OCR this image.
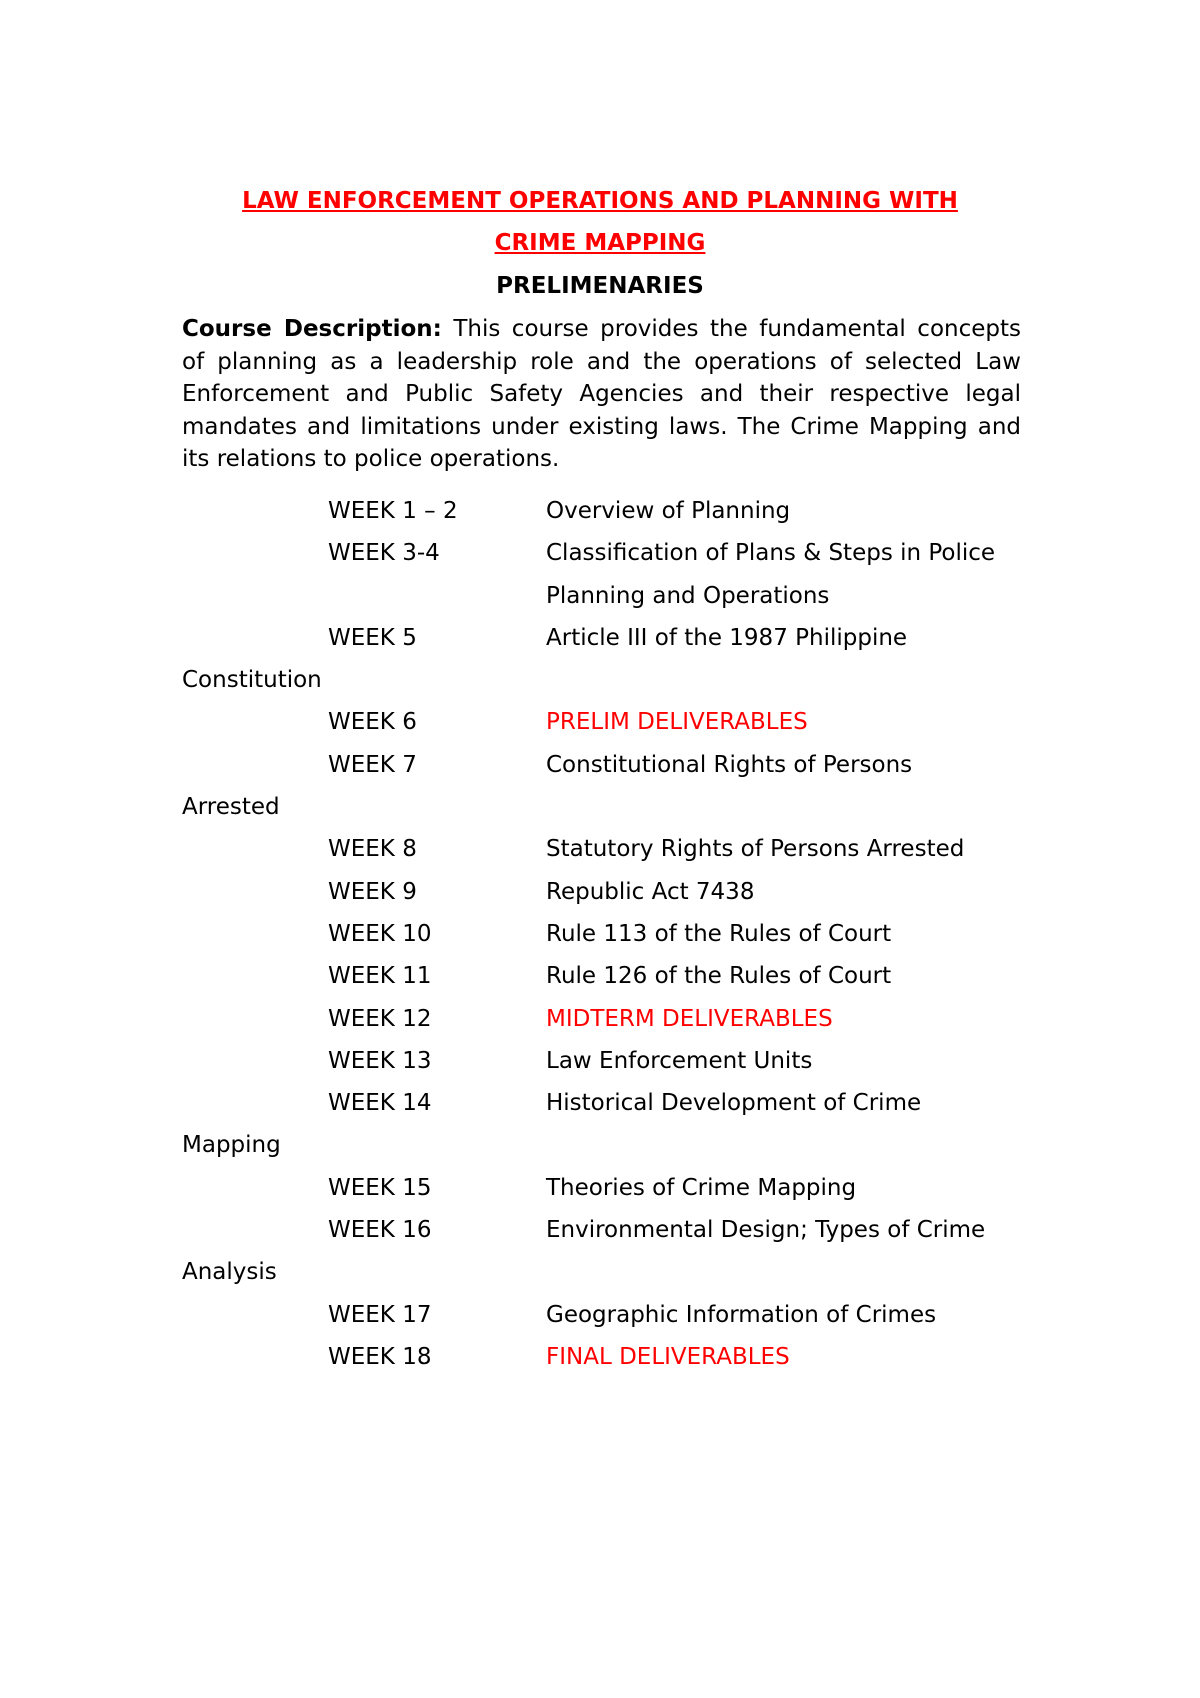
LAW ENFORCEMENT OPERATIONS AND PLANNING WITH
CRIME MAPPING
PRELIMENARIES
Course Description: This course provides the fundamental concepts of planning as a leadership role and the operations of selected Law Enforcement and Public Safety Agencies and their respective legal mandates and limitations under existing laws. The Crime Mapping and its relations to police operations.
WEEK 1 – 2	Overview of Planning
WEEK 3-4	Classification of Plans & Steps in Police
Planning and Operations
WEEK 5	Article III of the 1987 Philippine
Constitution
WEEK 6	PRELIM DELIVERABLES
WEEK 7	Constitutional Rights of Persons
Arrested
WEEK 8	Statutory Rights of Persons Arrested
WEEK 9	Republic Act 7438
WEEK 10	Rule 113 of the Rules of Court
WEEK 11	Rule 126 of the Rules of Court
WEEK 12	MIDTERM DELIVERABLES
WEEK 13	Law Enforcement Units
WEEK 14	Historical Development of Crime
Mapping
WEEK 15	Theories of Crime Mapping
WEEK 16	Environmental Design; Types of Crime
Analysis
WEEK 17	Geographic Information of Crimes
WEEK 18	FINAL DELIVERABLES
